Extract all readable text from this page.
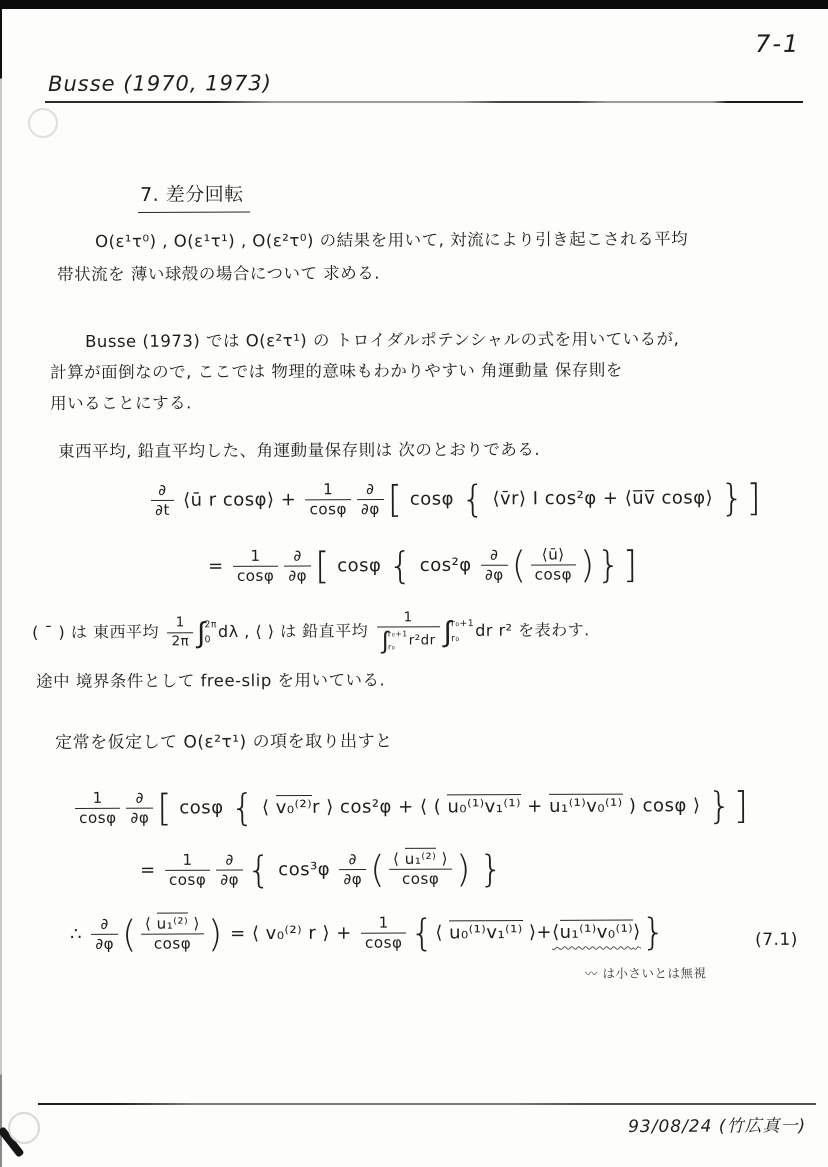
7-1
Busse (1970, 1973)
7. 差分回転
O(ε¹τ⁰) , O(ε¹τ¹) , O(ε²τ⁰) の結果を用いて, 対流により引き起こされる平均
帯状流を 薄い球殻の場合について 求める.
Busse (1973) では O(ε²τ¹) の トロイダルポテンシャルの式を用いているが,
計算が面倒なので, ここでは 物理的意味もわかりやすい 角運動量 保存則を
用いることにする.
東西平均, 鉛直平均した、角運動量保存則は 次のとおりである.
$\frac{\partial}{\partial t}$ ⟨ū r cosφ⟩ + $\frac{1}{\cos\varphi} \frac{\partial}{\partial\varphi}$ [ cosφ { ⟨v̄r⟩ I cos²φ + ⟨u̅v̅ cosφ⟩ }]
= $\frac{1}{\cos\varphi} \frac{\partial}{\partial\varphi}$ [ cosφ { $\cos^2\varphi \frac{\partial}{\partial\varphi}$ ( $\frac{⟨ū⟩}{\cos\varphi}$ )}]
( ¯ ) は 東西平均 $\frac{1}{2\pi}$ ∫
2π
0 dλ , ⟨ ⟩ は 鉛直平均 1
∫
r₀+1
r₀ r²dr ∫
r₀+1
r₀ dr r² を表わす.
途中 境界条件として free-slip を用いている.
定常を仮定して O(ε²τ¹) の項を取り出すと
$\frac{1}{\cos\varphi} \frac{\partial}{\partial\varphi}$ [ cosφ { ⟨ v₀⁽²⁾r ⟩ cos²φ + ⟨ ( u₀⁽¹⁾v₁⁽¹⁾ + u₁⁽¹⁾v₀⁽¹⁾ ) cosφ ⟩ }]
= $\frac{1}{\cos\varphi} \frac{\partial}{\partial\varphi}$ { $\cos^3\varphi \frac{\partial}{\partial\varphi}$ ( $\frac{\text{⟨ u₁⁽²⁾ ⟩}}{\cos\varphi}$ ) }
∴ $\frac{\partial}{\partial\varphi}$ ( $\frac{\text{⟨ u₁⁽²⁾ ⟩}}{\cos\varphi}$ ) = ⟨ v₀⁽²⁾ r ⟩ + $\frac{1}{\cos\varphi}$ {⟨ u₀⁽¹⁾v₁⁽¹⁾ ⟩+⟨u₁⁽¹⁾v₀⁽¹⁾⟩}	(7.1)
〰 は小さいとは無視
93/08/24 (竹広真一)
